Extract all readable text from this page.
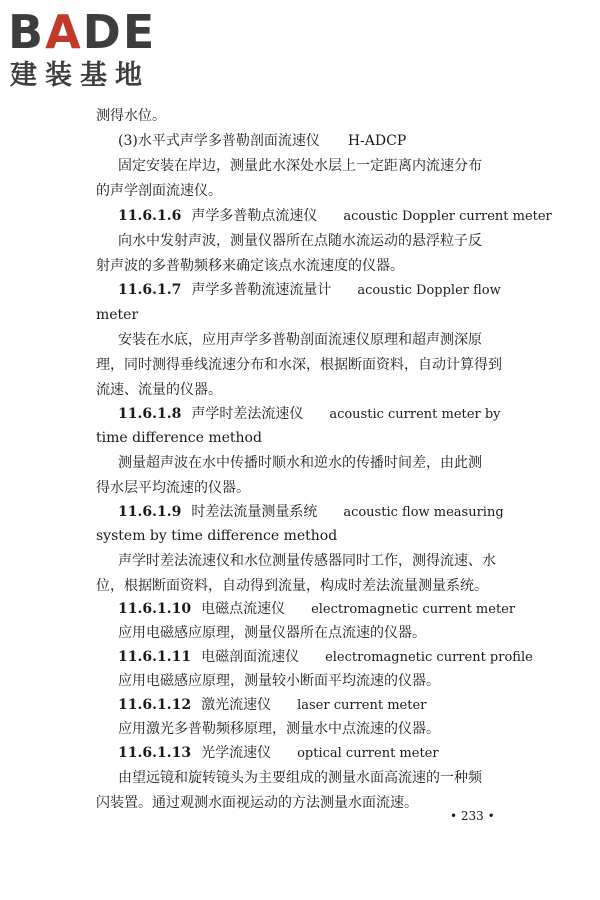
BADE
建装基地
测得水位。
(3)水平式声学多普勒剖面流速仪　　H-ADCP
固定安装在岸边，测量此水深处水层上一定距离内流速分布
的声学剖面流速仪。
11.6.1.6 声学多普勒点流速仪 acoustic Doppler current meter
向水中发射声波，测量仪器所在点随水流运动的悬浮粒子反
射声波的多普勒频移来确定该点水流速度的仪器。
11.6.1.7 声学多普勒流速流量计 acoustic Doppler flow
meter
安装在水底，应用声学多普勒剖面流速仪原理和超声测深原
理，同时测得垂线流速分布和水深，根据断面资料，自动计算得到
流速、流量的仪器。
11.6.1.8 声学时差法流速仪 acoustic current meter by
time difference method
测量超声波在水中传播时顺水和逆水的传播时间差，由此测
得水层平均流速的仪器。
11.6.1.9 时差法流量测量系统 acoustic flow measuring
system by time difference method
声学时差法流速仪和水位测量传感器同时工作，测得流速、水
位，根据断面资料，自动得到流量，构成时差法流量测量系统。
11.6.1.10 电磁点流速仪 electromagnetic current meter
应用电磁感应原理，测量仪器所在点流速的仪器。
11.6.1.11 电磁剖面流速仪 electromagnetic current profile
应用电磁感应原理，测量较小断面平均流速的仪器。
11.6.1.12 激光流速仪 laser current meter
应用激光多普勒频移原理，测量水中点流速的仪器。
11.6.1.13 光学流速仪 optical current meter
由望远镜和旋转镜头为主要组成的测量水面高流速的一种频
闪装置。通过观测水面视运动的方法测量水面流速。
• 233 •
